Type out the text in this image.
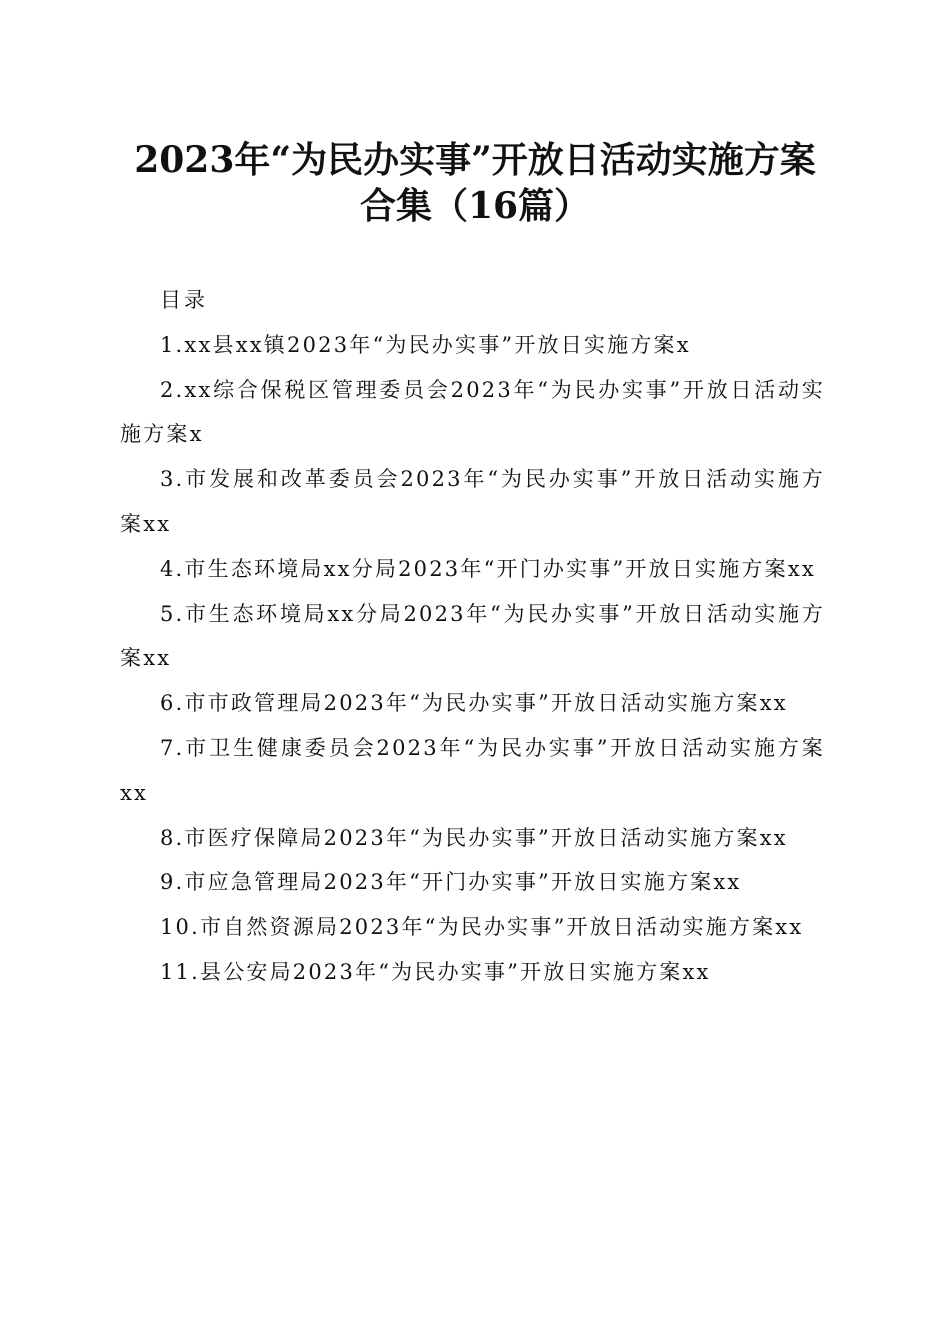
2023年“为民办实事”开放日活动实施方案
合集（16篇）

目录

1.xx县xx镇2023年“为民办实事”开放日实施方案x

2.xx综合保税区管理委员会2023年“为民办实事”开放日活动实施方案x

3.市发展和改革委员会2023年“为民办实事”开放日活动实施方案xx

4.市生态环境局xx分局2023年“开门办实事”开放日实施方案xx

5.市生态环境局xx分局2023年“为民办实事”开放日活动实施方案xx

6.市市政管理局2023年“为民办实事”开放日活动实施方案xx

7.市卫生健康委员会2023年“为民办实事”开放日活动实施方案xx

8.市医疗保障局2023年“为民办实事”开放日活动实施方案xx

9.市应急管理局2023年“开门办实事”开放日实施方案xx

10.市自然资源局2023年“为民办实事”开放日活动实施方案xx

11.县公安局2023年“为民办实事”开放日实施方案xx
